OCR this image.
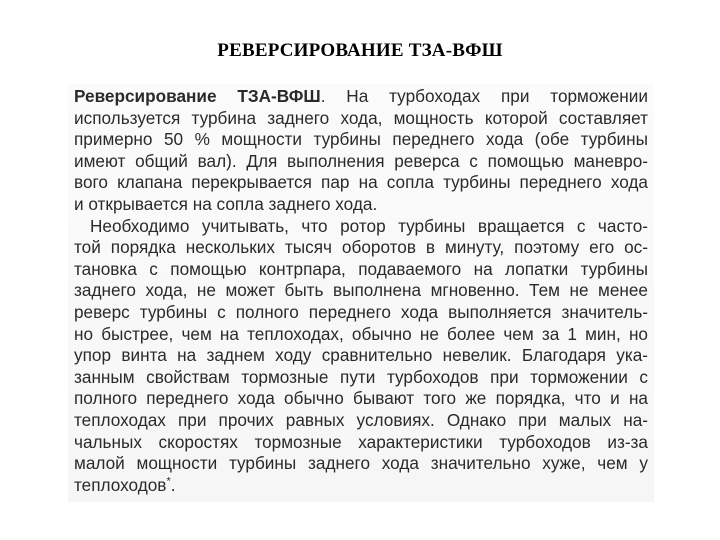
РЕВЕРСИРОВАНИЕ ТЗА-ВФШ
Реверсирование ТЗА-ВФШ. На турбоходах при торможении
используется турбина заднего хода, мощность которой составляет
примерно 50 % мощности турбины переднего хода (обе турбины
имеют общий вал). Для выполнения реверса с помощью маневро-
вого клапана перекрывается пар на сопла турбины переднего хода
и открывается на сопла заднего хода.
Необходимо учитывать, что ротор турбины вращается с часто-
той порядка нескольких тысяч оборотов в минуту, поэтому его ос-
тановка с помощью контрпара, подаваемого на лопатки турбины
заднего хода, не может быть выполнена мгновенно. Тем не менее
реверс турбины с полного переднего хода выполняется значитель-
но быстрее, чем на теплоходах, обычно не более чем за 1 мин, но
упор винта на заднем ходу сравнительно невелик. Благодаря ука-
занным свойствам тормозные пути турбоходов при торможении с
полного переднего хода обычно бывают того же порядка, что и на
теплоходах при прочих равных условиях. Однако при малых на-
чальных скоростях тормозные характеристики турбоходов из-за
малой мощности турбины заднего хода значительно хуже, чем у
теплоходов*.
